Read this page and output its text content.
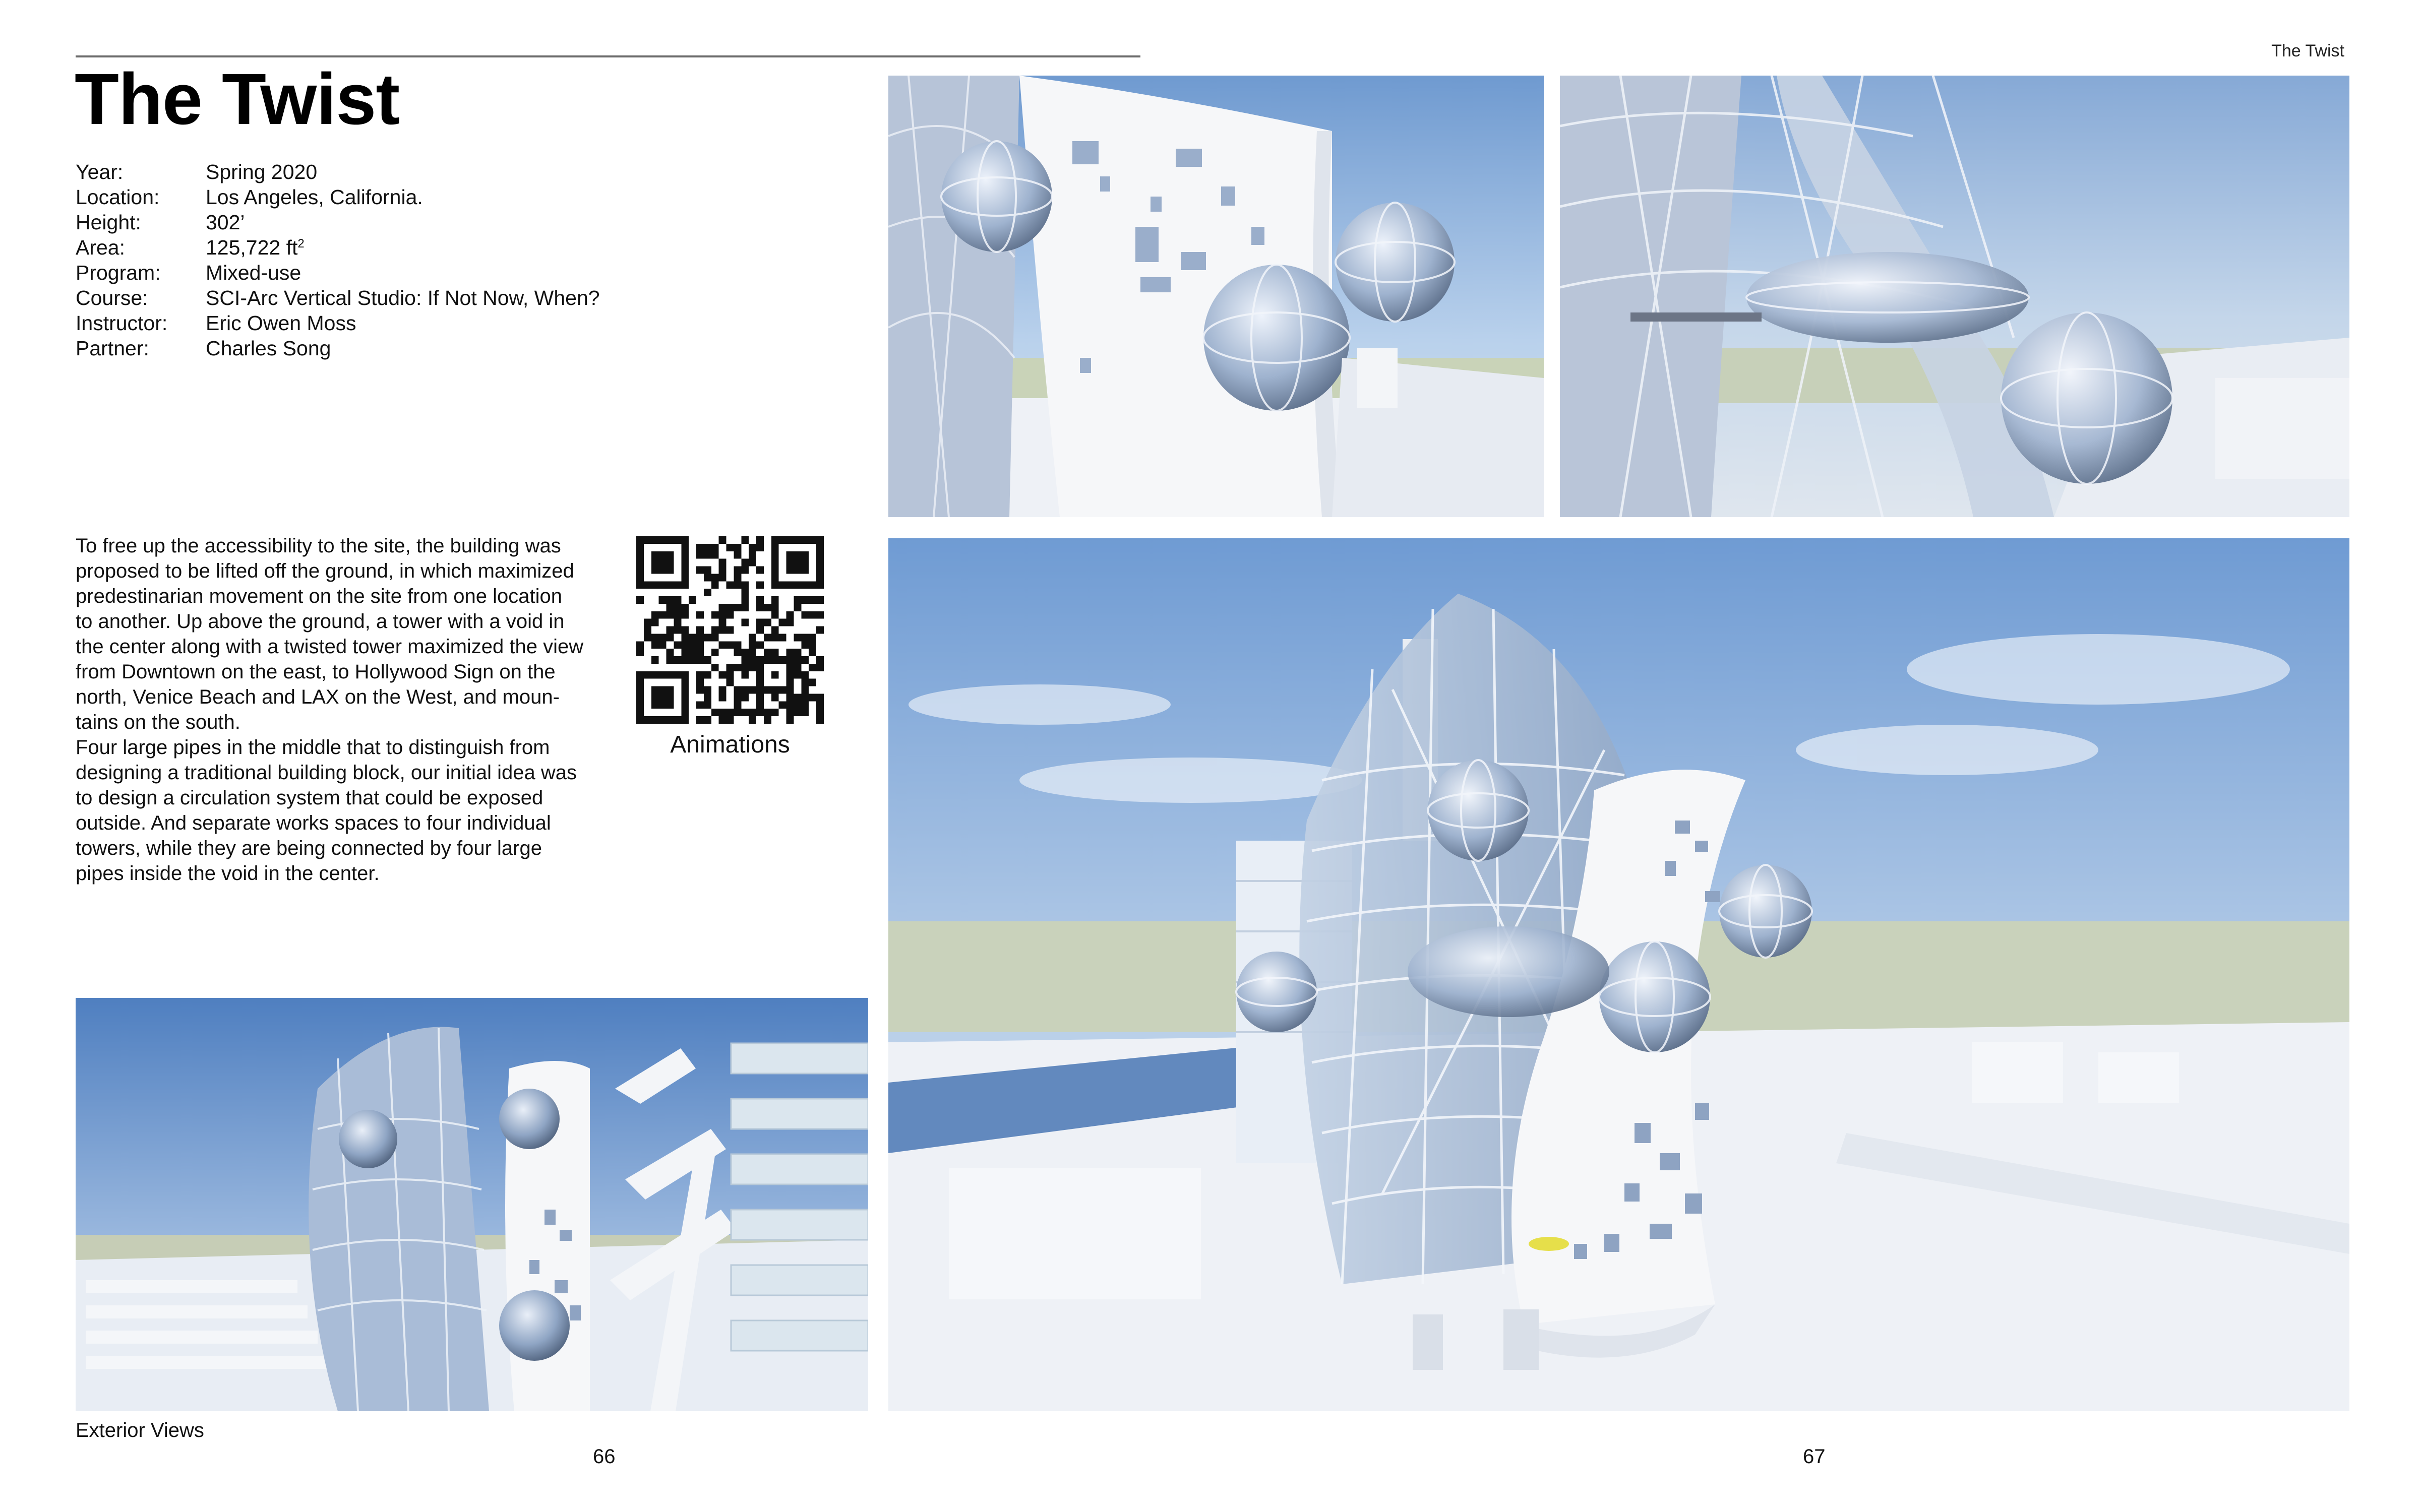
The Twist
The Twist
Year:	Spring 2020
Location:	Los Angeles, California.
Height:	302’
Area:	125,722 $ft^2$
Program:	Mixed-use
Course:	SCI-Arc Vertical Studio: If Not Now, When?
Instructor:	Eric Owen Moss
Partner:	Charles Song

To free up the accessibility to the site, the building was

proposed to be lifted off the ground, in which maximized

predestinarian movement on the site from one location

to another. Up above the ground, a tower with a void in

the center along with a twisted tower maximized the view

from Downtown on the east, to Hollywood Sign on the

north, Venice Beach and LAX on the West, and moun-

tains on the south.

Four large pipes in the middle that to distinguish from

designing a traditional building block, our initial idea was

to design a circulation system that could be exposed

outside. And separate works spaces to four individual

towers, while they are being connected by four large

pipes inside the void in the center.

Animations
Exterior Views
66	67
